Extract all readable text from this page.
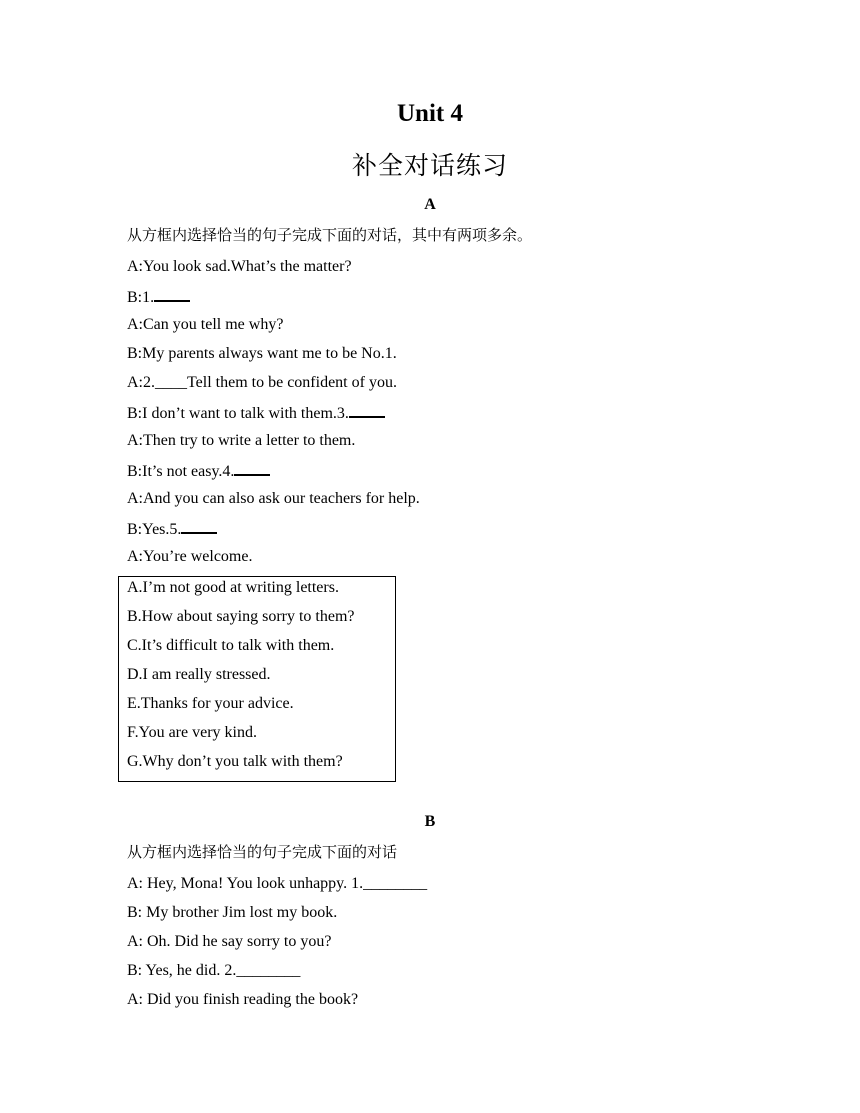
Unit 4
补全对话练习
A
从方框内选择恰当的句子完成下面的对话，其中有两项多余。
A:You look sad.What’s the matter?
B:1.
A:Can you tell me why?
B:My parents always want me to be No.1.
A:2.____Tell them to be confident of you.
B:I don’t want to talk with them.3.
A:Then try to write a letter to them.
B:It’s not easy.4.
A:And you can also ask our teachers for help.
B:Yes.5.
A:You’re welcome.
A.I’m not good at writing letters.
B.How about saying sorry to them?
C.It’s difficult to talk with them.
D.I am really stressed.
E.Thanks for your advice.
F.You are very kind.
G.Why don’t you talk with them?
B
从方框内选择恰当的句子完成下面的对话
A: Hey, Mona! You look unhappy. 1.________
B: My brother Jim lost my book.
A: Oh. Did he say sorry to you?
B: Yes, he did. 2.________
A: Did you finish reading the book?
